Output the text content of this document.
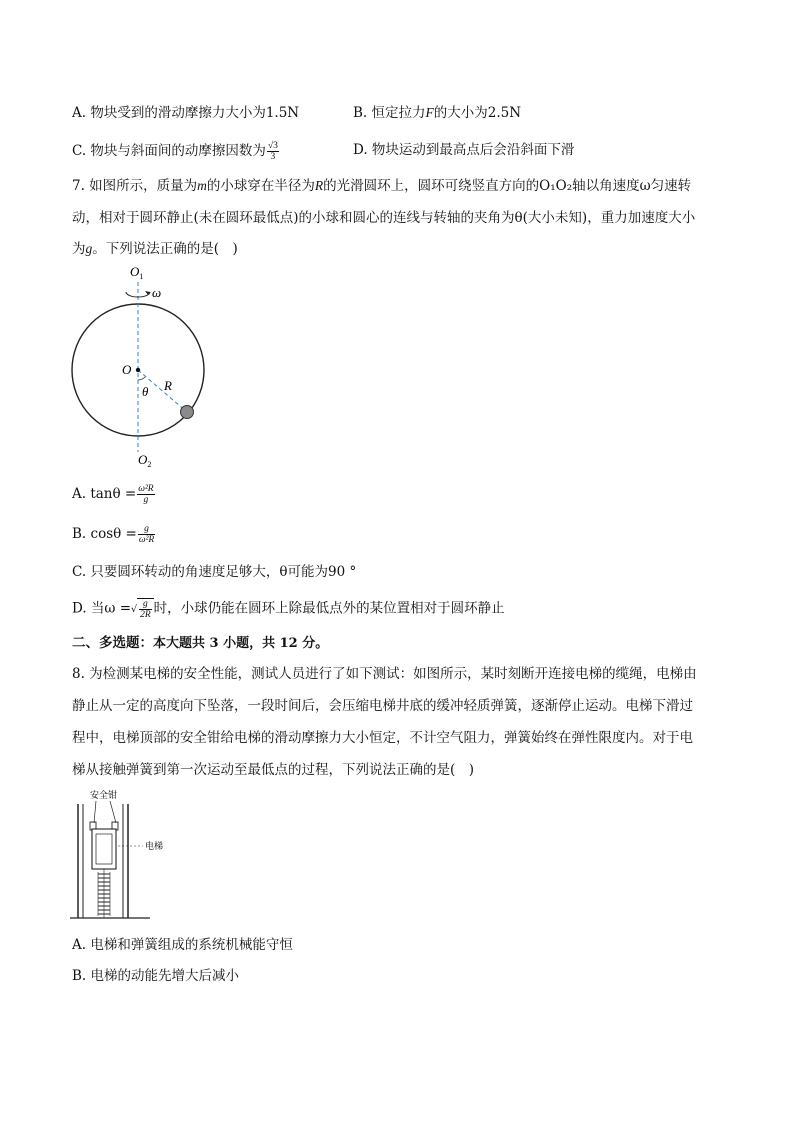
A. 物块受到的滑动摩擦力大小为1.5N	B. 恒定拉力F的大小为2.5N
C. 物块与斜面间的动摩擦因数为 $\frac{√3}{3}$	D. 物块运动到最高点后会沿斜面下滑
7. 如图所示，质量为m的小球穿在半径为R的光滑圆环上，圆环可绕竖直方向的O₁O₂轴以角速度ω匀速转
动，相对于圆环静止(未在圆环最低点)的小球和圆心的连线与转轴的夹角为θ(大小未知)，重力加速度大小
为g。下列说法正确的是(　)
$O_1$
ω
O
R
θ
$O_2$
A. $\tan\theta = \frac{\text{ω²R}}{g}$
B. $\cos\theta = \frac{g}{\text{ω²R}}$
C. 只要圆环转动的角速度足够大，θ可能为90 °
D. 当ω =√ $\frac{g}{2R}$ 时，小球仍能在圆环上除最低点外的某位置相对于圆环静止
二、多选题：本大题共 3 小题，共 12 分。
8. 为检测某电梯的安全性能，测试人员进行了如下测试：如图所示，某时刻断开连接电梯的缆绳，电梯由
静止从一定的高度向下坠落，一段时间后，会压缩电梯井底的缓冲轻质弹簧，逐渐停止运动。电梯下滑过
程中，电梯顶部的安全钳给电梯的滑动摩擦力大小恒定，不计空气阻力，弹簧始终在弹性限度内。对于电
梯从接触弹簧到第一次运动至最低点的过程，下列说法正确的是(　)
安全钳
电梯
A. 电梯和弹簧组成的系统机械能守恒
B. 电梯的动能先增大后减小
